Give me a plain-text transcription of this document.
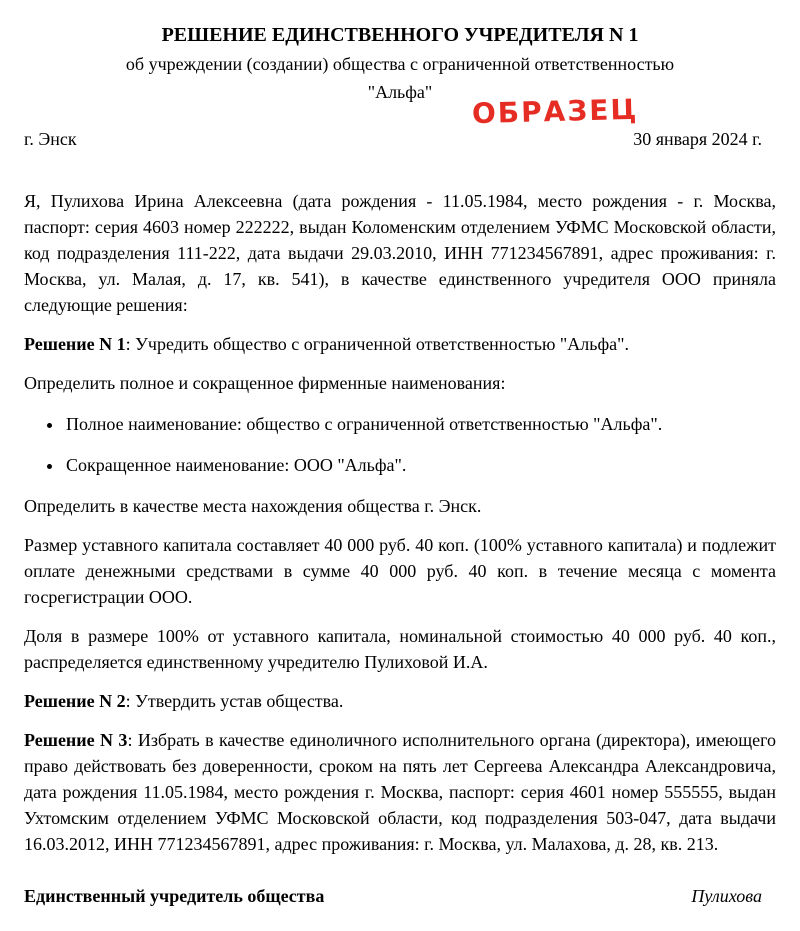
РЕШЕНИЕ ЕДИНСТВЕННОГО УЧРЕДИТЕЛЯ N 1
об учреждении (создании) общества с ограниченной ответственностью
"Альфа"
ОБРАЗЕЦ
г. Энск	30 января 2024 г.

Я, Пулихова Ирина Алексеевна (дата рождения - 11.05.1984, место рождения - г. Москва, паспорт: серия 4603 номер 222222, выдан Коломенским отделением УФМС Московской области, код подразделения 111-222, дата выдачи 29.03.2010, ИНН 771234567891, адрес проживания: г. Москва, ул. Малая, д. 17, кв. 541), в качестве единственного учредителя ООО приняла следующие решения:

Решение N 1: Учредить общество с ограниченной ответственностью "Альфа".

Определить полное и сокращенное фирменные наименования:

• Полное наименование: общество с ограниченной ответственностью "Альфа".
• Сокращенное наименование: ООО "Альфа".

Определить в качестве места нахождения общества г. Энск.

Размер уставного капитала составляет 40 000 руб. 40 коп. (100% уставного капитала) и подлежит оплате денежными средствами в сумме 40 000 руб. 40 коп. в течение месяца с момента госрегистрации ООО.

Доля в размере 100% от уставного капитала, номинальной стоимостью 40 000 руб. 40 коп., распределяется единственному учредителю Пулиховой И.А.

Решение N 2: Утвердить устав общества.

Решение N 3: Избрать в качестве единоличного исполнительного органа (директора), имеющего право действовать без доверенности, сроком на пять лет Сергеева Александра Александровича, дата рождения 11.05.1984, место рождения г. Москва, паспорт: серия 4601 номер 555555, выдан Ухтомским отделением УФМС Московской области, код подразделения 503-047, дата выдачи 16.03.2012, ИНН 771234567891, адрес проживания: г. Москва, ул. Малахова, д. 28, кв. 213.

Единственный учредитель общества	Пулихова
